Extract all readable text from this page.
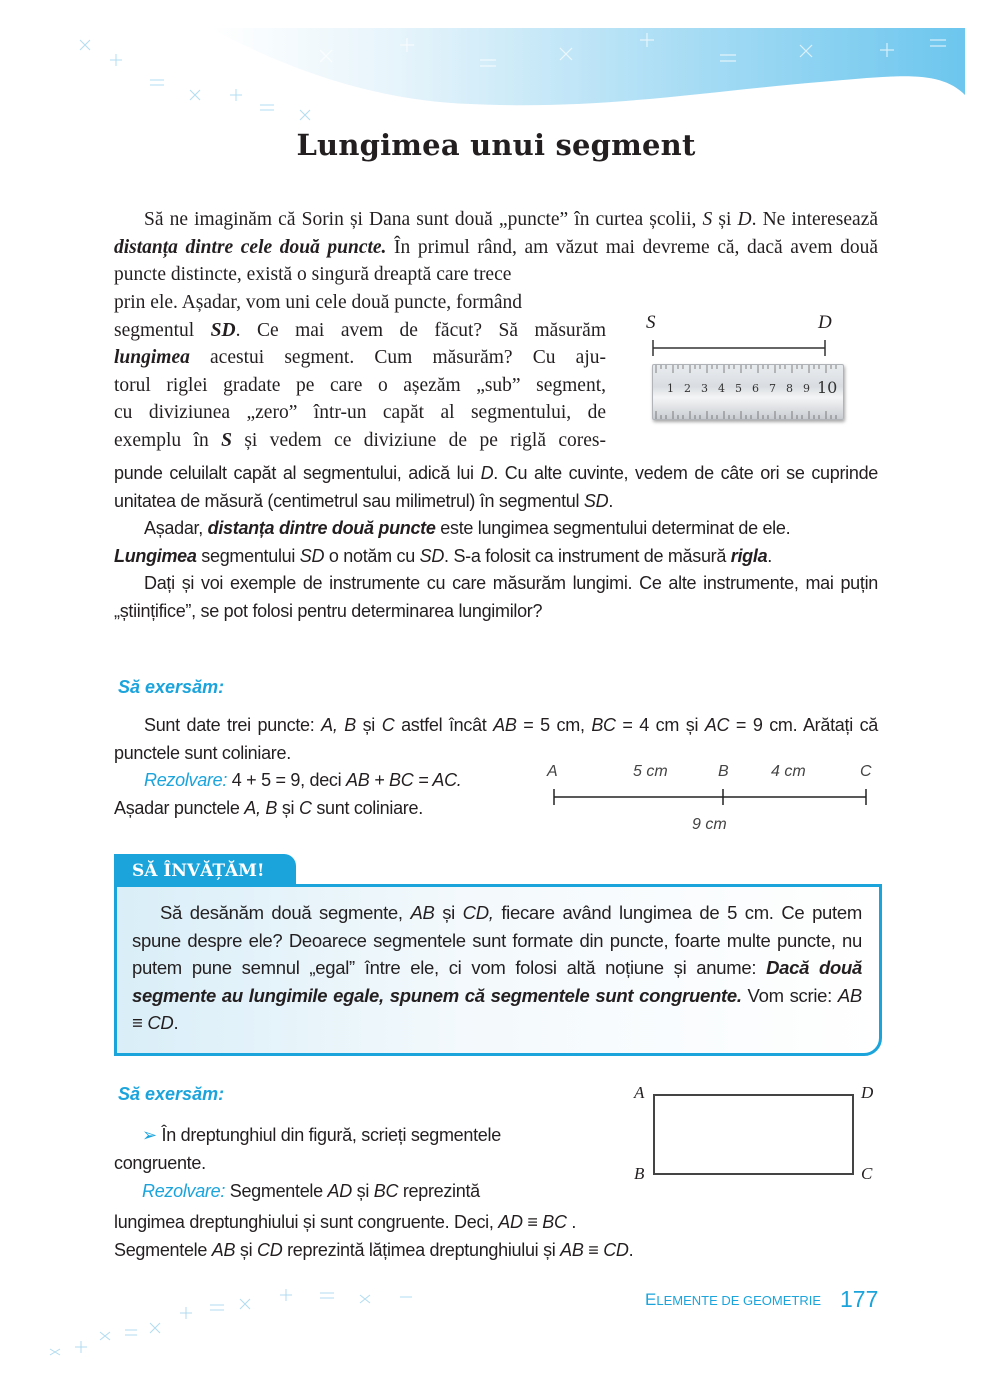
Lungimea unui segment
Să ne imaginăm că Sorin și Dana sunt două „puncte” în curtea școlii, S și D. Ne interesează distanța dintre cele două puncte. În primul rând, am văzut mai devreme că, dacă avem două puncte distincte, există o singură dreaptă care trece
prin ele. Așadar, vom uni cele două puncte, formând
segmentul SD. Ce mai avem de făcut? Să măsurăm
lungimea acestui segment. Cum măsurăm? Cu aju-
torul riglei gradate pe care o așezăm „sub” segment,
cu diviziunea „zero” într-un capăt al segmentului, de
exemplu în S și vedem ce diviziune de pe riglă cores-
S	D
1 2 3 4 5 6 7 8 9 10
punde celuilalt capăt al segmentului, adică lui D. Cu alte cuvinte, vedem de câte ori se cuprinde unitatea de măsură (centimetrul sau milimetrul) în segmentul SD.
Așadar, distanța dintre două puncte este lungimea segmentului determinat de ele.
Lungimea segmentului SD o notăm cu SD. S-a folosit ca instrument de măsură rigla.
Dați și voi exemple de instrumente cu care măsurăm lungimi. Ce alte instrumente, mai puțin „științifice”, se pot folosi pentru determinarea lungimilor?
Să exersăm:
Sunt date trei puncte: A, B și C astfel încât AB = 5 cm, BC = 4 cm și AC = 9 cm. Arătați că punctele sunt coliniare.
Rezolvare: 4 + 5 = 9, deci AB + BC = AC.
Așadar punctele A, B și C sunt coliniare.
A	5 cm	B	4 cm	C
9 cm
SĂ ÎNVĂȚĂM!
Să desănăm două segmente, AB și CD, fiecare având lungimea de 5 cm. Ce putem spune despre ele? Deoarece segmentele sunt formate din puncte, foarte multe puncte, nu putem pune semnul „egal” între ele, ci vom folosi altă noțiune și anume: Dacă două segmente au lungimile egale, spunem că segmentele sunt congruente. Vom scrie: AB ≡ CD.
Să exersăm:
➢ În dreptunghiul din figură, scrieți segmentele congruente.
Rezolvare: Segmentele AD și BC reprezintă
lungimea dreptunghiului și sunt congruente. Deci, AD ≡ BC .
Segmentele AB și CD reprezintă lățimea dreptunghiului și AB ≡ CD.
A	D
B	C
ELEMENTE DE GEOMETRIE 177
